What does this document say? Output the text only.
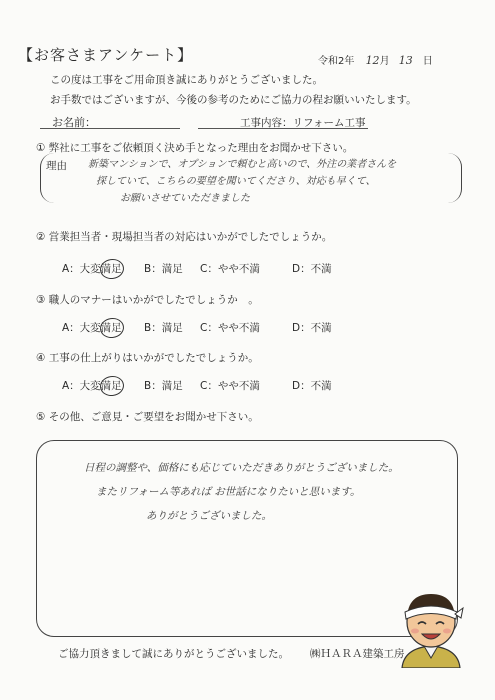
【お客さまアンケート】	令和2年 12月 13 日
この度は工事をご用命頂き誠にありがとうございました。
お手数ではございますが、今後の参考のためにご協力の程お願いいたします。
お名前：	工事内容：リフォーム工事
① 弊社に工事をご依頼頂く決め手となった理由をお聞かせ下さい。
理由 新築マンションで、オプションで頼むと高いので、外注の業者さんを
探していて、こちらの要望を聞いてくださり、対応も早くて、
お願いさせていただきました
② 営業担当者・現場担当者の対応はいかがでしたでしょうか。
A：大変満足 B：満足 C：やや不満	D：不満
③ 職人のマナーはいかがでしたでしょうか　。
A：大変満足 B：満足 C：やや不満	D：不満
④ 工事の仕上がりはいかがでしたでしょうか。
A：大変満足 B：満足 C：やや不満	D：不満
⑤ その他、ご意見・ご要望をお聞かせ下さい。
日程の調整や、価格にも応じていただきありがとうございました。
またリフォーム等あれば お世話になりたいと思います。
ありがとうございました。
ご協力頂きまして誠にありがとうございました。 ㈱ＨＡＲＡ建築工房
